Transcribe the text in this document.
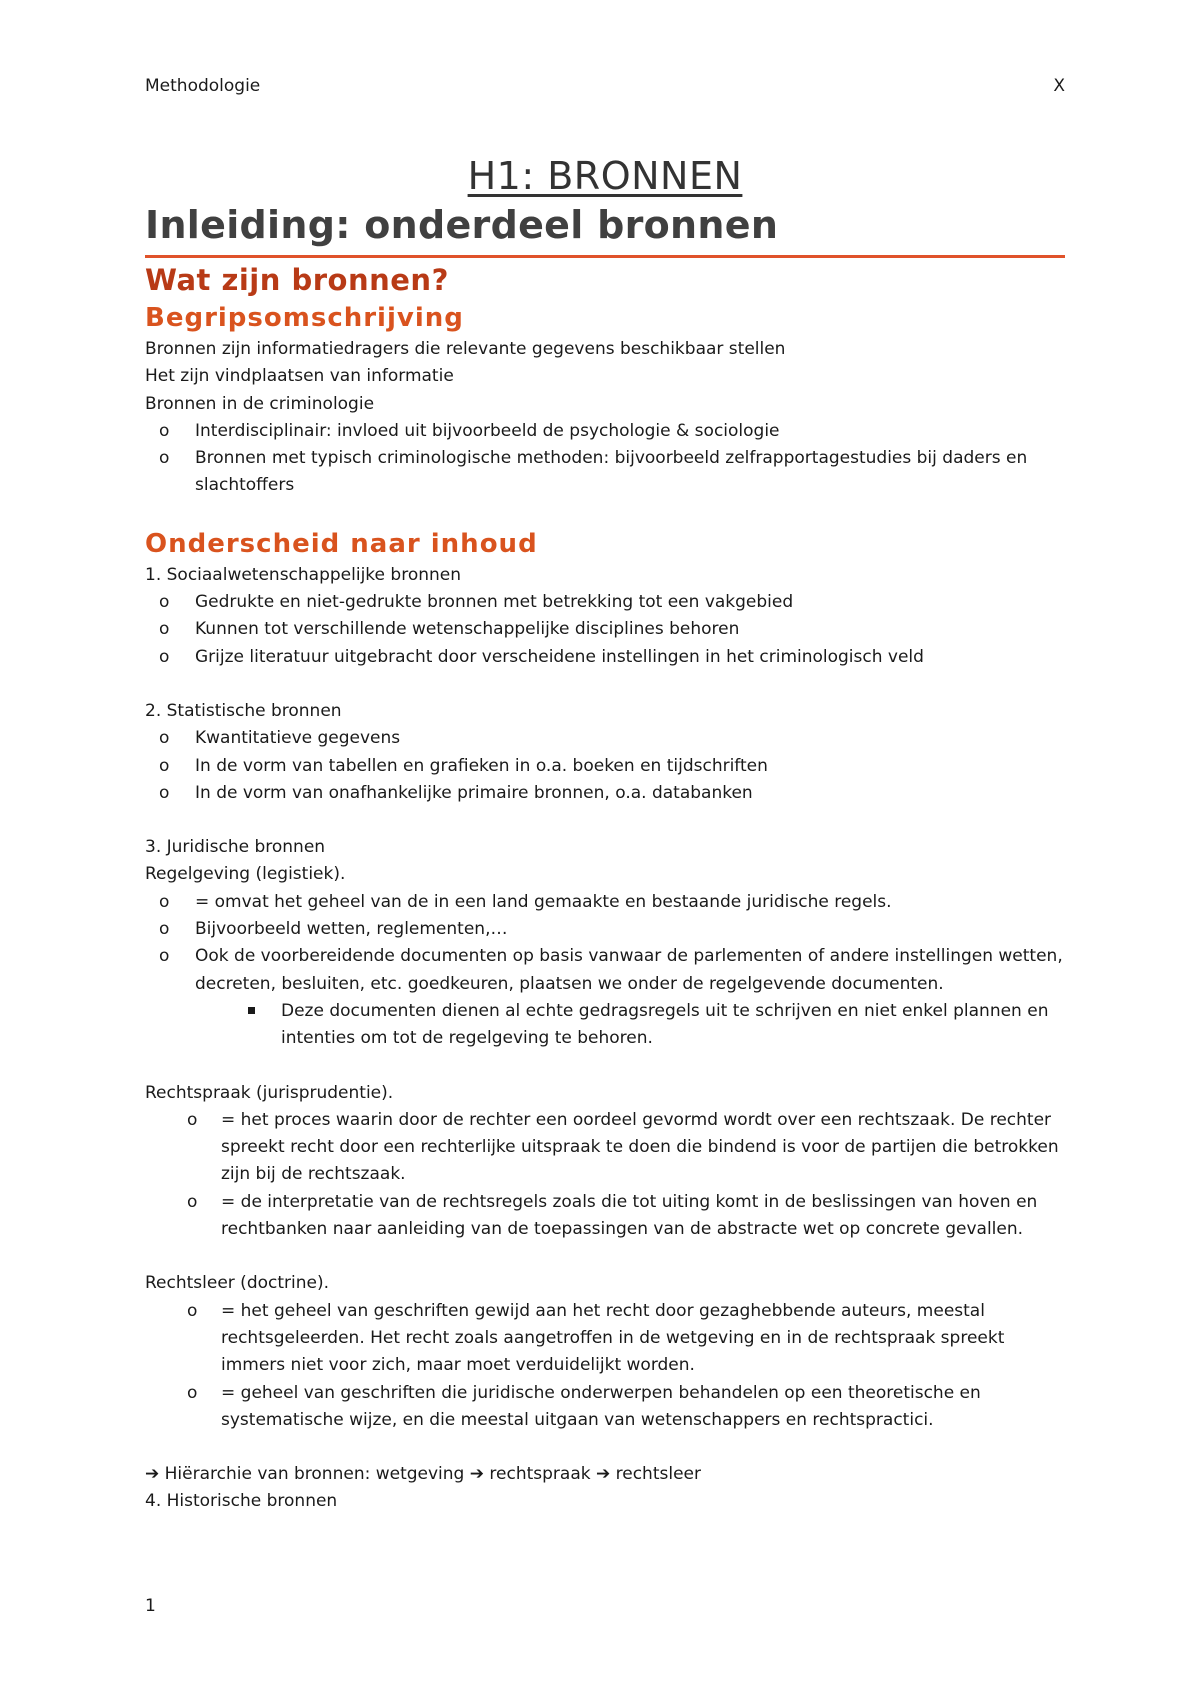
Methodologie	X
H1: BRONNEN
Inleiding: onderdeel bronnen
Wat zijn bronnen?
Begripsomschrijving
Bronnen zijn informatiedragers die relevante gegevens beschikbaar stellen
Het zijn vindplaatsen van informatie
Bronnen in de criminologie
o Interdisciplinair: invloed uit bijvoorbeeld de psychologie & sociologie
o Bronnen met typisch criminologische methoden: bijvoorbeeld zelfrapportagestudies bij daders en slachtoffers
Onderscheid naar inhoud
1. Sociaalwetenschappelijke bronnen
o Gedrukte en niet-gedrukte bronnen met betrekking tot een vakgebied
o Kunnen tot verschillende wetenschappelijke disciplines behoren
o Grijze literatuur uitgebracht door verscheidene instellingen in het criminologisch veld
2. Statistische bronnen
o Kwantitatieve gegevens
o In de vorm van tabellen en grafieken in o.a. boeken en tijdschriften
o In de vorm van onafhankelijke primaire bronnen, o.a. databanken
3. Juridische bronnen
Regelgeving (legistiek).
o = omvat het geheel van de in een land gemaakte en bestaande juridische regels.
o Bijvoorbeeld wetten, reglementen,…
o Ook de voorbereidende documenten op basis vanwaar de parlementen of andere instellingen wetten, decreten, besluiten, etc. goedkeuren, plaatsen we onder de regelgevende documenten.
Deze documenten dienen al echte gedragsregels uit te schrijven en niet enkel plannen en intenties om tot de regelgeving te behoren.
Rechtspraak (jurisprudentie).
o = het proces waarin door de rechter een oordeel gevormd wordt over een rechtszaak. De rechter spreekt recht door een rechterlijke uitspraak te doen die bindend is voor de partijen die betrokken zijn bij de rechtszaak.
o = de interpretatie van de rechtsregels zoals die tot uiting komt in de beslissingen van hoven en rechtbanken naar aanleiding van de toepassingen van de abstracte wet op concrete gevallen.
Rechtsleer (doctrine).
o = het geheel van geschriften gewijd aan het recht door gezaghebbende auteurs, meestal rechtsgeleerden. Het recht zoals aangetroffen in de wetgeving en in de rechtspraak spreekt immers niet voor zich, maar moet verduidelijkt worden.
o = geheel van geschriften die juridische onderwerpen behandelen op een theoretische en systematische wijze, en die meestal uitgaan van wetenschappers en rechtspractici.
➔ Hiërarchie van bronnen: wetgeving ➔ rechtspraak ➔ rechtsleer
4. Historische bronnen
1
